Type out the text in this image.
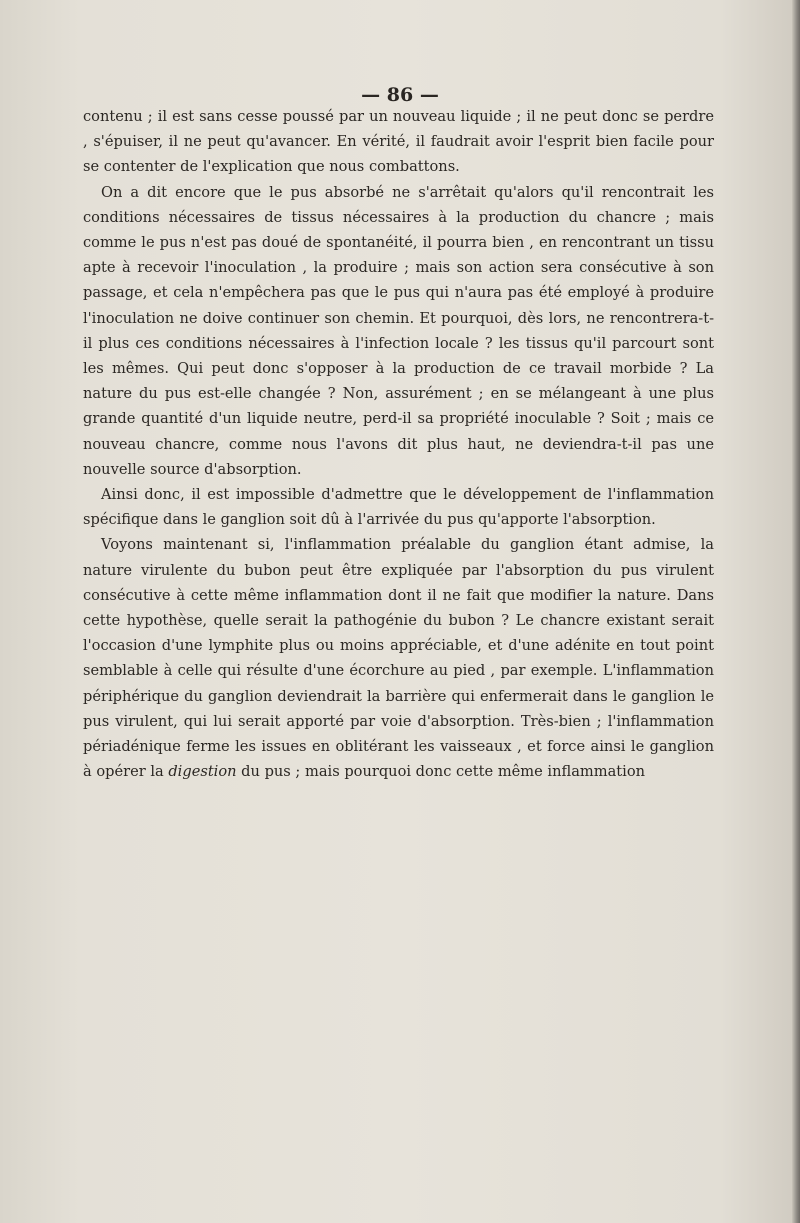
— 86 —

contenu ; il est sans cesse poussé par un nouveau liquide ; il ne peut donc se perdre , s'épuiser, il ne peut qu'avancer. En vérité, il faudrait avoir l'esprit bien facile pour se contenter de l'explication que nous combattons.

On a dit encore que le pus absorbé ne s'arrêtait qu'alors qu'il rencontrait les conditions nécessaires de tissus nécessaires à la production du chancre ; mais comme le pus n'est pas doué de spontanéité, il pourra bien , en rencontrant un tissu apte à recevoir l'inoculation , la produire ; mais son action sera consécutive à son passage, et cela n'empêchera pas que le pus qui n'aura pas été employé à produire l'inoculation ne doive continuer son chemin. Et pourquoi, dès lors, ne rencontrera-t-il plus ces conditions nécessaires à l'infection locale ? les tissus qu'il parcourt sont les mêmes. Qui peut donc s'opposer à la production de ce travail morbide ? La nature du pus est-elle changée ? Non, assurément ; en se mélangeant à une plus grande quantité d'un liquide neutre, perd-il sa propriété inoculable ? Soit ; mais ce nouveau chancre, comme nous l'avons dit plus haut, ne deviendra-t-il pas une nouvelle source d'absorption.

Ainsi donc, il est impossible d'admettre que le développement de l'inflammation spécifique dans le ganglion soit dû à l'arrivée du pus qu'apporte l'absorption.

Voyons maintenant si, l'inflammation préalable du ganglion étant admise, la nature virulente du bubon peut être expliquée par l'absorption du pus virulent consécutive à cette même inflammation dont il ne fait que modifier la nature. Dans cette hypothèse, quelle serait la pathogénie du bubon ? Le chancre existant serait l'occasion d'une lymphite plus ou moins appréciable, et d'une adénite en tout point semblable à celle qui résulte d'une écorchure au pied , par exemple. L'inflammation périphérique du ganglion deviendrait la barrière qui enfermerait dans le ganglion le pus virulent, qui lui serait apporté par voie d'absorption. Très-bien ; l'inflammation périadénique ferme les issues en oblitérant les vaisseaux , et force ainsi le ganglion à opérer la digestion du pus ; mais pourquoi donc cette même inflammation
